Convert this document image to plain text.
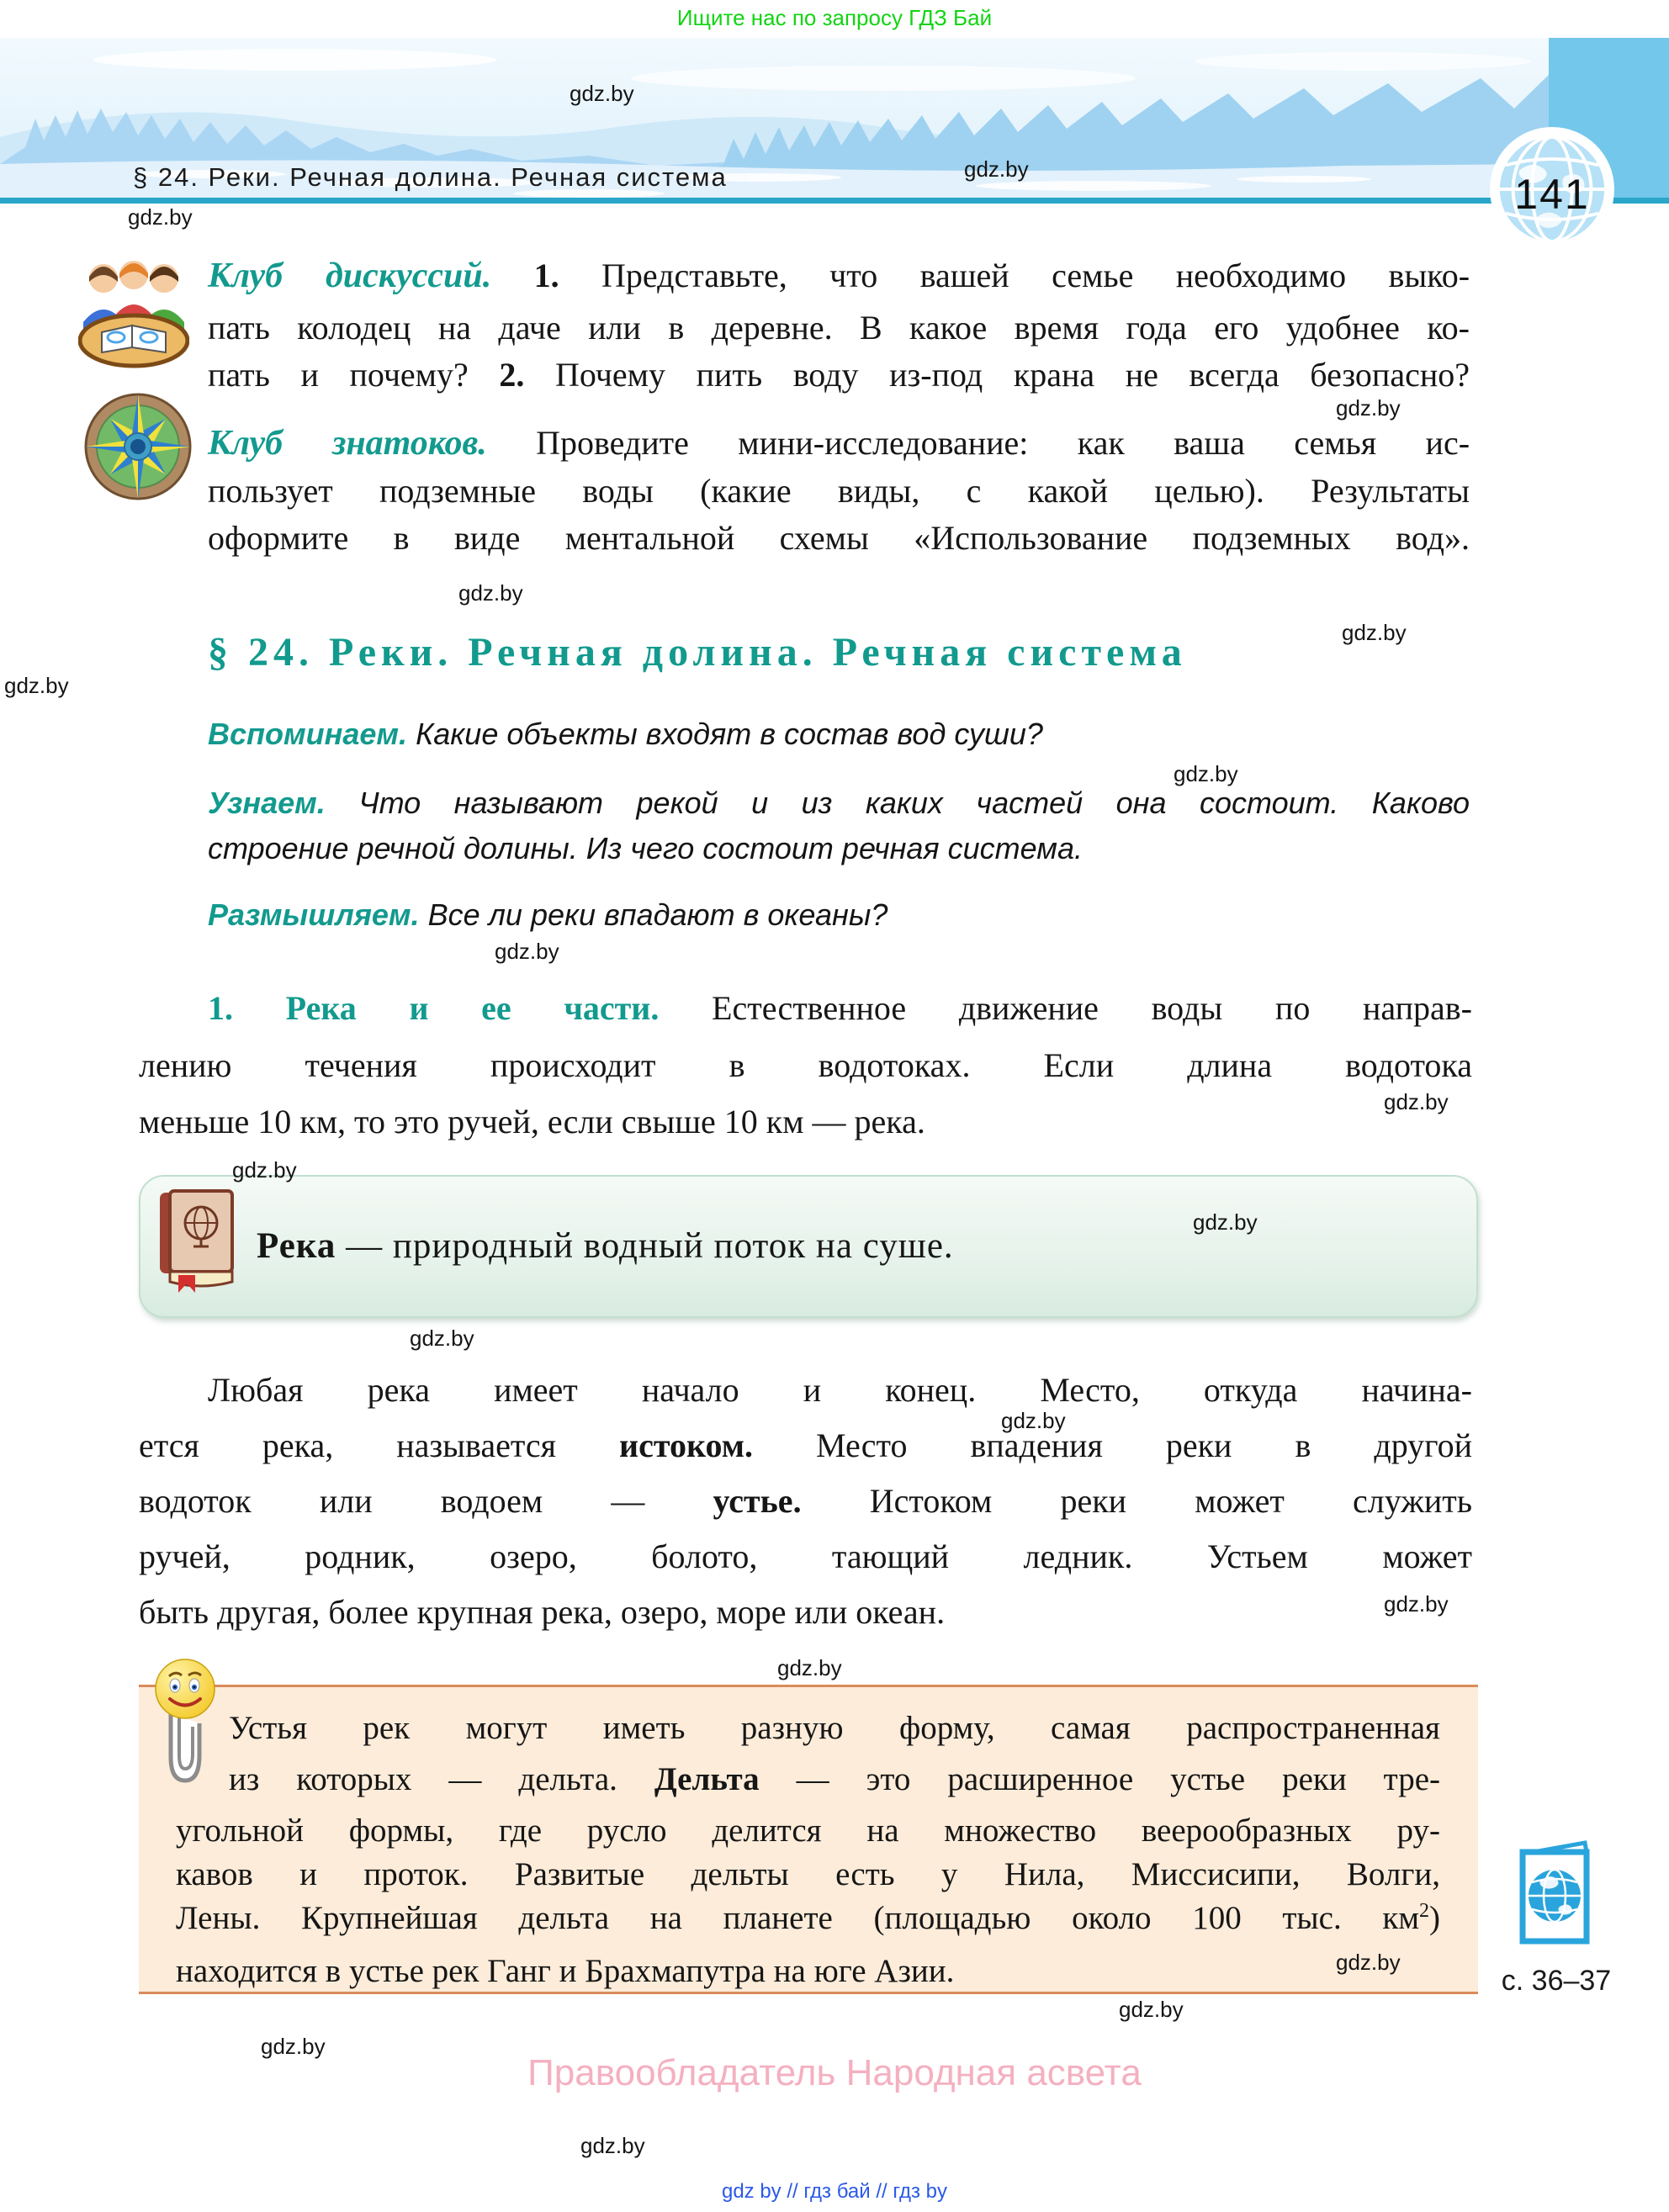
Ищите нас по запросу ГДЗ Бай
§ 24. Реки. Речная долина. Речная система	141
Клуб дискуссий. 1. Представьте, что вашей семье необходимо выко-
пать колодец на даче или в деревне. В какое время года его удобнее ко-
пать и почему? 2. Почему пить воду из-под крана не всегда безопасно?
Клуб знатоков. Проведите мини-исследование: как ваша семья ис-
пользует подземные воды (какие виды, с какой целью). Результаты
оформите в виде ментальной схемы «Использование подземных вод».
§ 24. Реки. Речная долина. Речная система
Вспоминаем. Какие объекты входят в состав вод суши?
Узнаем. Что называют рекой и из каких частей она состоит. Каково
строение речной долины. Из чего состоит речная система.
Размышляем. Все ли реки впадают в океаны?
1. Река и ее части. Естественное движение воды по направ-
лению течения происходит в водотоках. Если длина водотока
меньше 10 км, то это ручей, если свыше 10 км — река.
Река — природный водный поток на суше.
Любая река имеет начало и конец. Место, откуда начина-
ется река, называется истоком. Место впадения реки в другой
водоток или водоем — устье. Истоком реки может служить
ручей, родник, озеро, болото, тающий ледник. Устьем может
быть другая, более крупная река, озеро, море или океан.
Устья рек могут иметь разную форму, самая распространенная
из которых — дельта. Дельта — это расширенное устье реки тре-
угольной формы, где русло делится на множество веерообразных ру-
кавов и проток. Развитые дельты есть у Нила, Миссисипи, Волги,
Лены. Крупнейшая дельта на планете (площадью около 100 тыс. $км^2$)
находится в устье рек Ганг и Брахмапутра на юге Азии.	с. 36–37
Правообладатель Народная асвета
gdz by // гдз бай // гдз by
gdz.by
gdz.by
gdz.by
gdz.by
gdz.by
gdz.by
gdz.by
gdz.by
gdz.by
gdz.by
gdz.by
gdz.by
gdz.by
gdz.by
gdz.by
gdz.by
gdz.by
gdz.by
gdz.by
gdz.by
